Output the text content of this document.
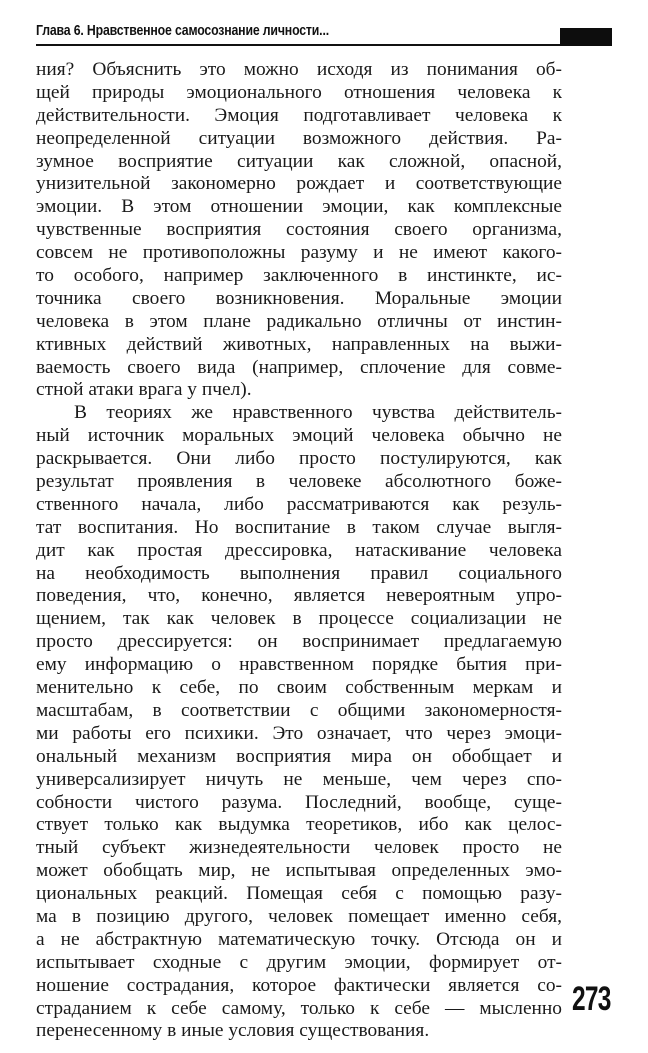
Глава 6. Нравственное самосознание личности...
ния? Объяснить это можно исходя из понимания об-
щей природы эмоционального отношения человека к
действительности. Эмоция подготавливает человека к
неопределенной ситуации возможного действия. Ра-
зумное восприятие ситуации как сложной, опасной,
унизительной закономерно рождает и соответствующие
эмоции. В этом отношении эмоции, как комплексные
чувственные восприятия состояния своего организма,
совсем не противоположны разуму и не имеют какого-
то особого, например заключенного в инстинкте, ис-
точника своего возникновения. Моральные эмоции
человека в этом плане радикально отличны от инстин-
ктивных действий животных, направленных на выжи-
ваемость своего вида (например, сплочение для совме-
стной атаки врага у пчел).
В теориях же нравственного чувства действитель-
ный источник моральных эмоций человека обычно не
раскрывается. Они либо просто постулируются, как
результат проявления в человеке абсолютного боже-
ственного начала, либо рассматриваются как резуль-
тат воспитания. Но воспитание в таком случае выгля-
дит как простая дрессировка, натаскивание человека
на необходимость выполнения правил социального
поведения, что, конечно, является невероятным упро-
щением, так как человек в процессе социализации не
просто дрессируется: он воспринимает предлагаемую
ему информацию о нравственном порядке бытия при-
менительно к себе, по своим собственным меркам и
масштабам, в соответствии с общими закономерностя-
ми работы его психики. Это означает, что через эмоци-
ональный механизм восприятия мира он обобщает и
универсализирует ничуть не меньше, чем через спо-
собности чистого разума. Последний, вообще, суще-
ствует только как выдумка теоретиков, ибо как целос-
тный субъект жизнедеятельности человек просто не
может обобщать мир, не испытывая определенных эмо-
циональных реакций. Помещая себя с помощью разу-
ма в позицию другого, человек помещает именно себя,
а не абстрактную математическую точку. Отсюда он и
испытывает сходные с другим эмоции, формирует от-
ношение сострадания, которое фактически является со-
страданием к себе самому, только к себе — мысленно
перенесенному в иные условия существования.
273
